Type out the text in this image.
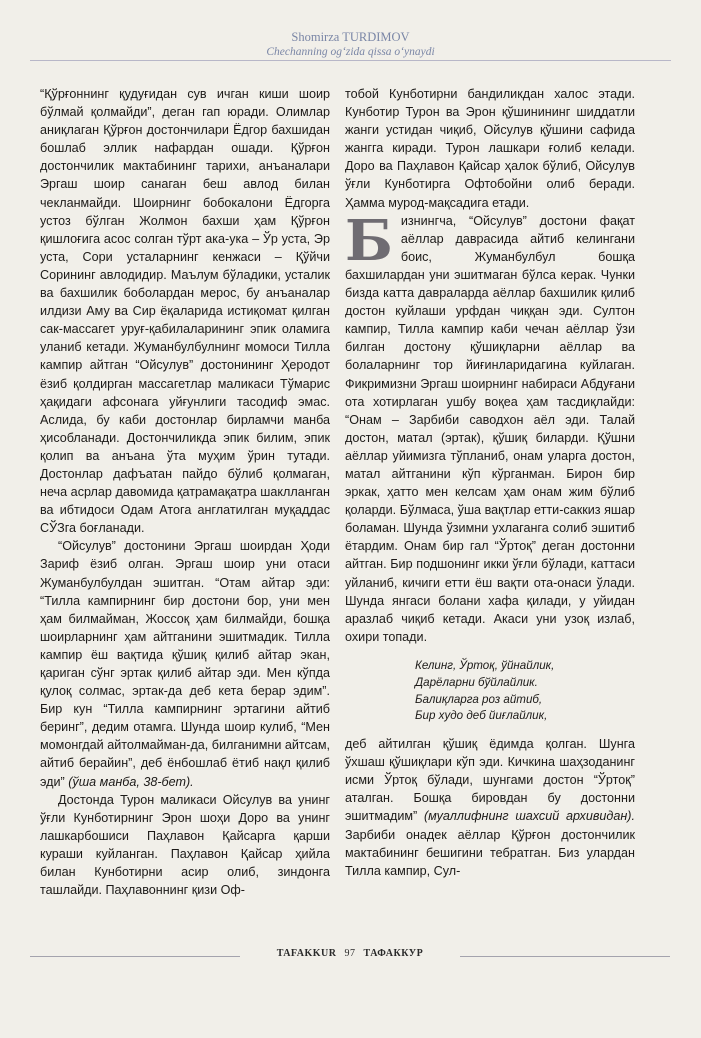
Shomirza TURDIMOV
Chechanning og‘zida qissa o‘ynaydi

“Қўрғоннинг қудуғидан сув ичган киши шоир бўлмай қолмайди”, деган гап юради. Олимлар аниқлаган Қўрғон достончилари Ёдгор бахшидан бошлаб эллик нафардан ошади. Қўрғон достончилик мактабининг тарихи, анъаналари Эргаш шоир санаган беш авлод билан чекланмайди. Шоирнинг бобокалони Ёдгорга устоз бўлган Жолмон бахши ҳам Қўрғон қишлоғига асос солган тўрт ака-ука – Ўр уста, Эр уста, Сори усталарнинг кенжаси – Қўйчи Сорининг авлодидир. Маълум бўладики, усталик ва бахшилик боболардан мерос, бу анъаналар илдизи Аму ва Сир ёқаларида истиқомат қилган сак-массагет уруғ-қабилаларининг эпик оламига уланиб кетади. Жуманбулбулнинг момоси Тилла кампир айтган “Ойсулув” достонининг Ҳеродот ёзиб қолдирган массагетлар маликаси Тўмарис ҳақидаги афсонага уйғунлиги тасодиф эмас. Аслида, бу каби достонлар бирламчи манба ҳисобланади. Достончиликда эпик билим, эпик қолип ва анъана ўта муҳим ўрин тутади. Достонлар дафъатан пайдо бўлиб қолмаган, неча асрлар давомида қатрамақатра шаклланган ва ибтидоси Одам Атога англатилган муқаддас СЎЗга боғланади.

“Ойсулув” достонини Эргаш шоирдан Ҳоди Зариф ёзиб олган. Эргаш шоир уни отаси Жуманбулбулдан эшитган. “Отам айтар эди: “Тилла кампирнинг бир достони бор, уни мен ҳам билмайман, Жоссоқ ҳам билмайди, бошқа шоирларнинг ҳам айтганини эшитмадик. Тилла кампир ёш вақтида қўшиқ қилиб айтар экан, қариган сўнг эртак қилиб айтар эди. Мен кўпда қулоқ солмас, эртак-да деб кета берар эдим”. Бир кун “Тилла кампирнинг эртагини айтиб беринг”, дедим отамга. Шунда шоир кулиб, “Мен момонгдай айтолмайман-да, билганимни айтсам, айтиб берайин”, деб ёнбошлаб ётиб нақл қилиб эди” (ўша манба, 38-бет).

Достонда Турон маликаси Ойсулув ва унинг ўғли Кунботирнинг Эрон шоҳи Доро ва унинг лашкарбошиси Паҳлавон Қайсарга қарши кураши куйланган. Паҳлавон Қайсар ҳийла билан Кунботирни асир олиб, зиндонга ташлайди. Паҳлавоннинг қизи Оф-

тобой Кунботирни бандиликдан халос этади. Кунботир Турон ва Эрон қўшинининг шиддатли жанги устидан чиқиб, Ойсулув қўшини сафида жангга киради. Турон лашкари ғолиб келади. Доро ва Паҳлавон Қайсар ҳалок бўлиб, Ойсулув ўғли Кунботирга Офтобойни олиб беради. Ҳамма мурод-мақсадига етади.

Бизнингча, “Ойсулув” достони фақат аёллар даврасида айтиб келингани боис, Жуманбулбул бошқа бахшилардан уни эшитмаган бўлса керак. Чунки бизда катта давраларда аёллар бахшилик қилиб достон куйлаши урфдан чиққан эди. Султон кампир, Тилла кампир каби чечан аёллар ўзи билган достону қўшиқларни аёллар ва болаларнинг тор йиғинларидагина куйлаган. Фикримизни Эргаш шоирнинг набираси Абдуғани ота хотирлаган ушбу воқеа ҳам тасдиқлайди: “Онам – Зарбиби саводхон аёл эди. Талай достон, матал (эртак), қўшиқ биларди. Қўшни аёллар уйимизга тўпланиб, онам уларга достон, матал айтганини кўп кўрганман. Бирон бир эркак, ҳатто мен келсам ҳам онам жим бўлиб қоларди. Бўлмаса, ўша вақтлар етти-саккиз яшар боламан. Шунда ўзимни ухлаганга солиб эшитиб ётардим. Онам бир гал “Ўртоқ” деган достонни айтган. Бир подшонинг икки ўғли бўлади, каттаси уйланиб, кичиги етти ёш вақти ота-онаси ўлади. Шунда янгаси болани хафа қилади, у уйидан аразлаб чиқиб кетади. Акаси уни узоқ излаб, охири топади.

Келинг, Ўртоқ, ўйнайлик,
Дарёларни бўйлайлик.
Балиқларга роз айтиб,
Бир худо деб йиғлайлик,

деб айтилган қўшиқ ёдимда қолган. Шунга ўхшаш қўшиқлари кўп эди. Кичкина шаҳзоданинг исми Ўртоқ бўлади, шунгами достон “Ўртоқ” аталган. Бошқа бировдан бу достонни эшитмадим” (муаллифнинг шахсий архивидан). Зарбиби онадек аёллар Қўрғон достончилик мактабининг бешигини тебратган. Биз улардан Тилла кампир, Сул-

TAFAKKUR 97 ТАФАККУР
